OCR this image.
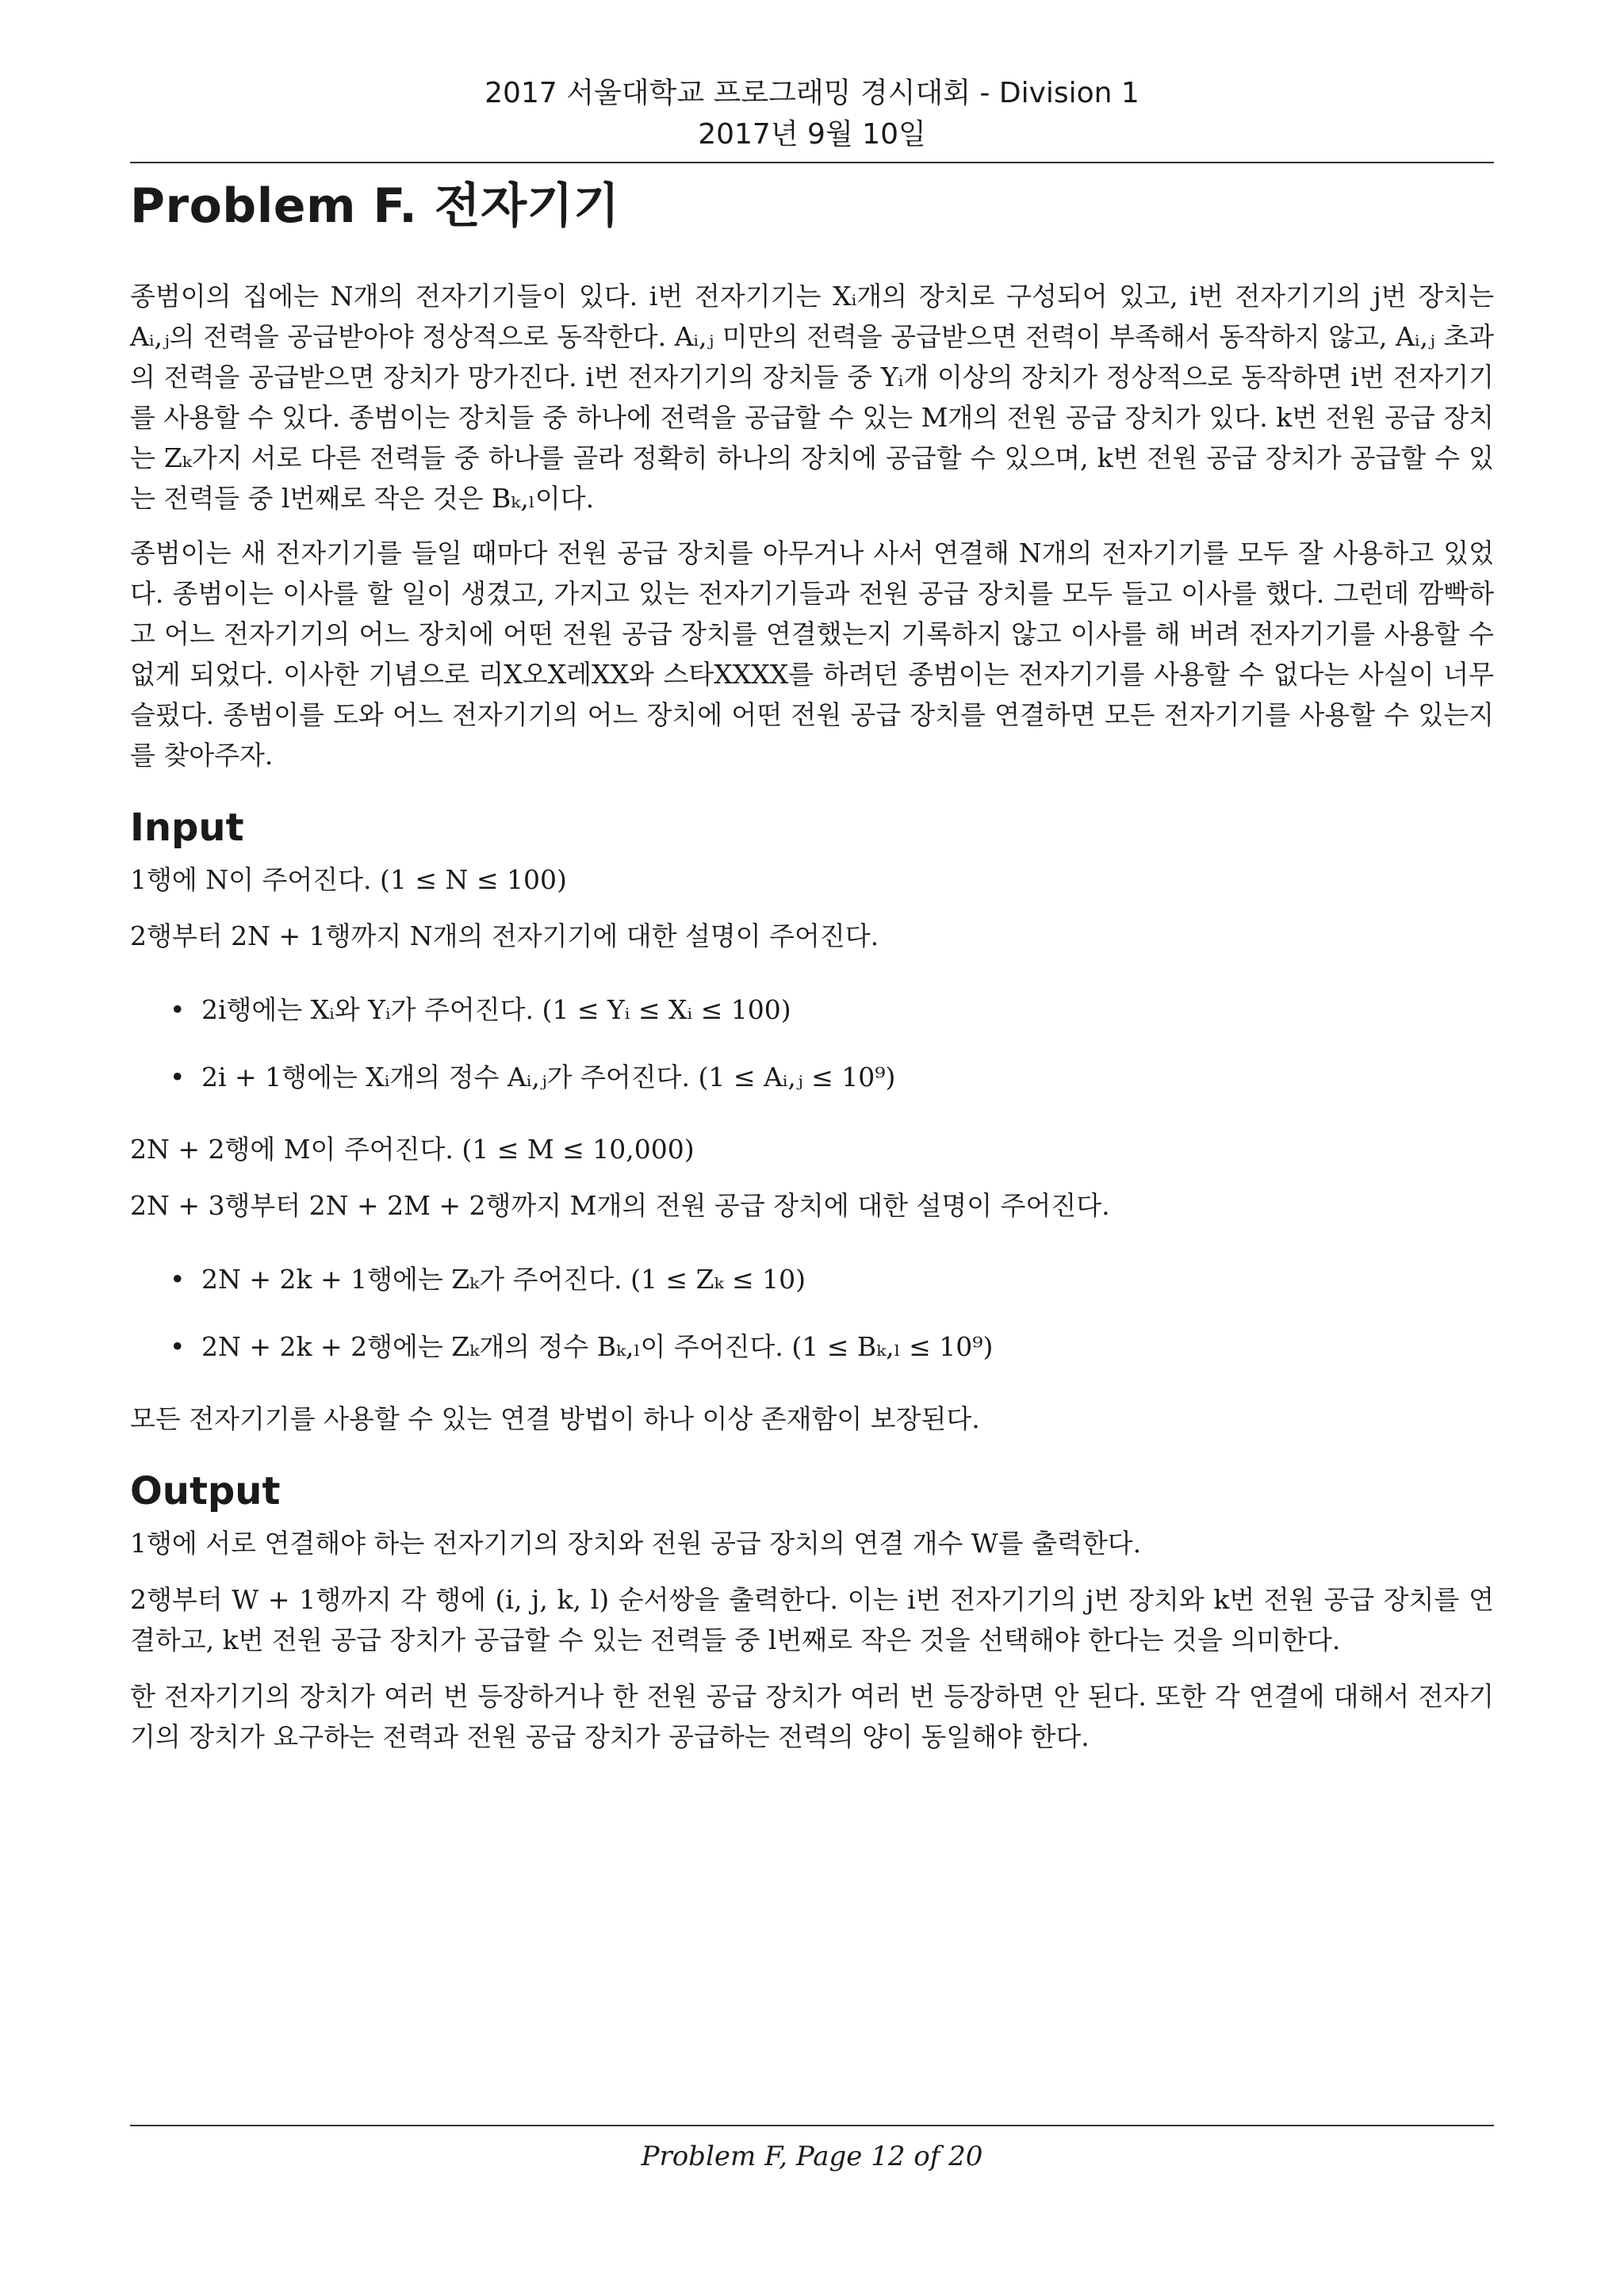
2017 서울대학교 프로그래밍 경시대회 - Division 1
2017년 9월 10일
Problem F. 전자기기

종범이의 집에는 N개의 전자기기들이 있다. i번 전자기기는 Xᵢ개의 장치로 구성되어 있고, i번 전자기기의 j번 장치는 Aᵢ,ⱼ의 전력을 공급받아야 정상적으로 동작한다. Aᵢ,ⱼ 미만의 전력을 공급받으면 전력이 부족해서 동작하지 않고, Aᵢ,ⱼ 초과의 전력을 공급받으면 장치가 망가진다. i번 전자기기의 장치들 중 Yᵢ개 이상의 장치가 정상적으로 동작하면 i번 전자기기를 사용할 수 있다. 종범이는 장치들 중 하나에 전력을 공급할 수 있는 M개의 전원 공급 장치가 있다. k번 전원 공급 장치는 Zₖ가지 서로 다른 전력들 중 하나를 골라 정확히 하나의 장치에 공급할 수 있으며, k번 전원 공급 장치가 공급할 수 있는 전력들 중 l번째로 작은 것은 Bₖ,ₗ이다.

종범이는 새 전자기기를 들일 때마다 전원 공급 장치를 아무거나 사서 연결해 N개의 전자기기를 모두 잘 사용하고 있었다. 종범이는 이사를 할 일이 생겼고, 가지고 있는 전자기기들과 전원 공급 장치를 모두 들고 이사를 했다. 그런데 깜빡하고 어느 전자기기의 어느 장치에 어떤 전원 공급 장치를 연결했는지 기록하지 않고 이사를 해 버려 전자기기를 사용할 수 없게 되었다. 이사한 기념으로 리X오X레XX와 스타XXXX를 하려던 종범이는 전자기기를 사용할 수 없다는 사실이 너무 슬펐다. 종범이를 도와 어느 전자기기의 어느 장치에 어떤 전원 공급 장치를 연결하면 모든 전자기기를 사용할 수 있는지를 찾아주자.

Input

1행에 N이 주어진다. (1 ≤ N ≤ 100)

2행부터 2N + 1행까지 N개의 전자기기에 대한 설명이 주어진다.

• 2i행에는 Xᵢ와 Yᵢ가 주어진다. (1 ≤ Yᵢ ≤ Xᵢ ≤ 100)
• 2i + 1행에는 Xᵢ개의 정수 Aᵢ,ⱼ가 주어진다. (1 ≤ Aᵢ,ⱼ ≤ 10⁹)

2N + 2행에 M이 주어진다. (1 ≤ M ≤ 10,000)

2N + 3행부터 2N + 2M + 2행까지 M개의 전원 공급 장치에 대한 설명이 주어진다.

• 2N + 2k + 1행에는 Zₖ가 주어진다. (1 ≤ Zₖ ≤ 10)
• 2N + 2k + 2행에는 Zₖ개의 정수 Bₖ,ₗ이 주어진다. (1 ≤ Bₖ,ₗ ≤ 10⁹)

모든 전자기기를 사용할 수 있는 연결 방법이 하나 이상 존재함이 보장된다.

Output

1행에 서로 연결해야 하는 전자기기의 장치와 전원 공급 장치의 연결 개수 W를 출력한다.

2행부터 W + 1행까지 각 행에 (i, j, k, l) 순서쌍을 출력한다. 이는 i번 전자기기의 j번 장치와 k번 전원 공급 장치를 연결하고, k번 전원 공급 장치가 공급할 수 있는 전력들 중 l번째로 작은 것을 선택해야 한다는 것을 의미한다.

한 전자기기의 장치가 여러 번 등장하거나 한 전원 공급 장치가 여러 번 등장하면 안 된다. 또한 각 연결에 대해서 전자기기의 장치가 요구하는 전력과 전원 공급 장치가 공급하는 전력의 양이 동일해야 한다.

Problem F, Page 12 of 20
